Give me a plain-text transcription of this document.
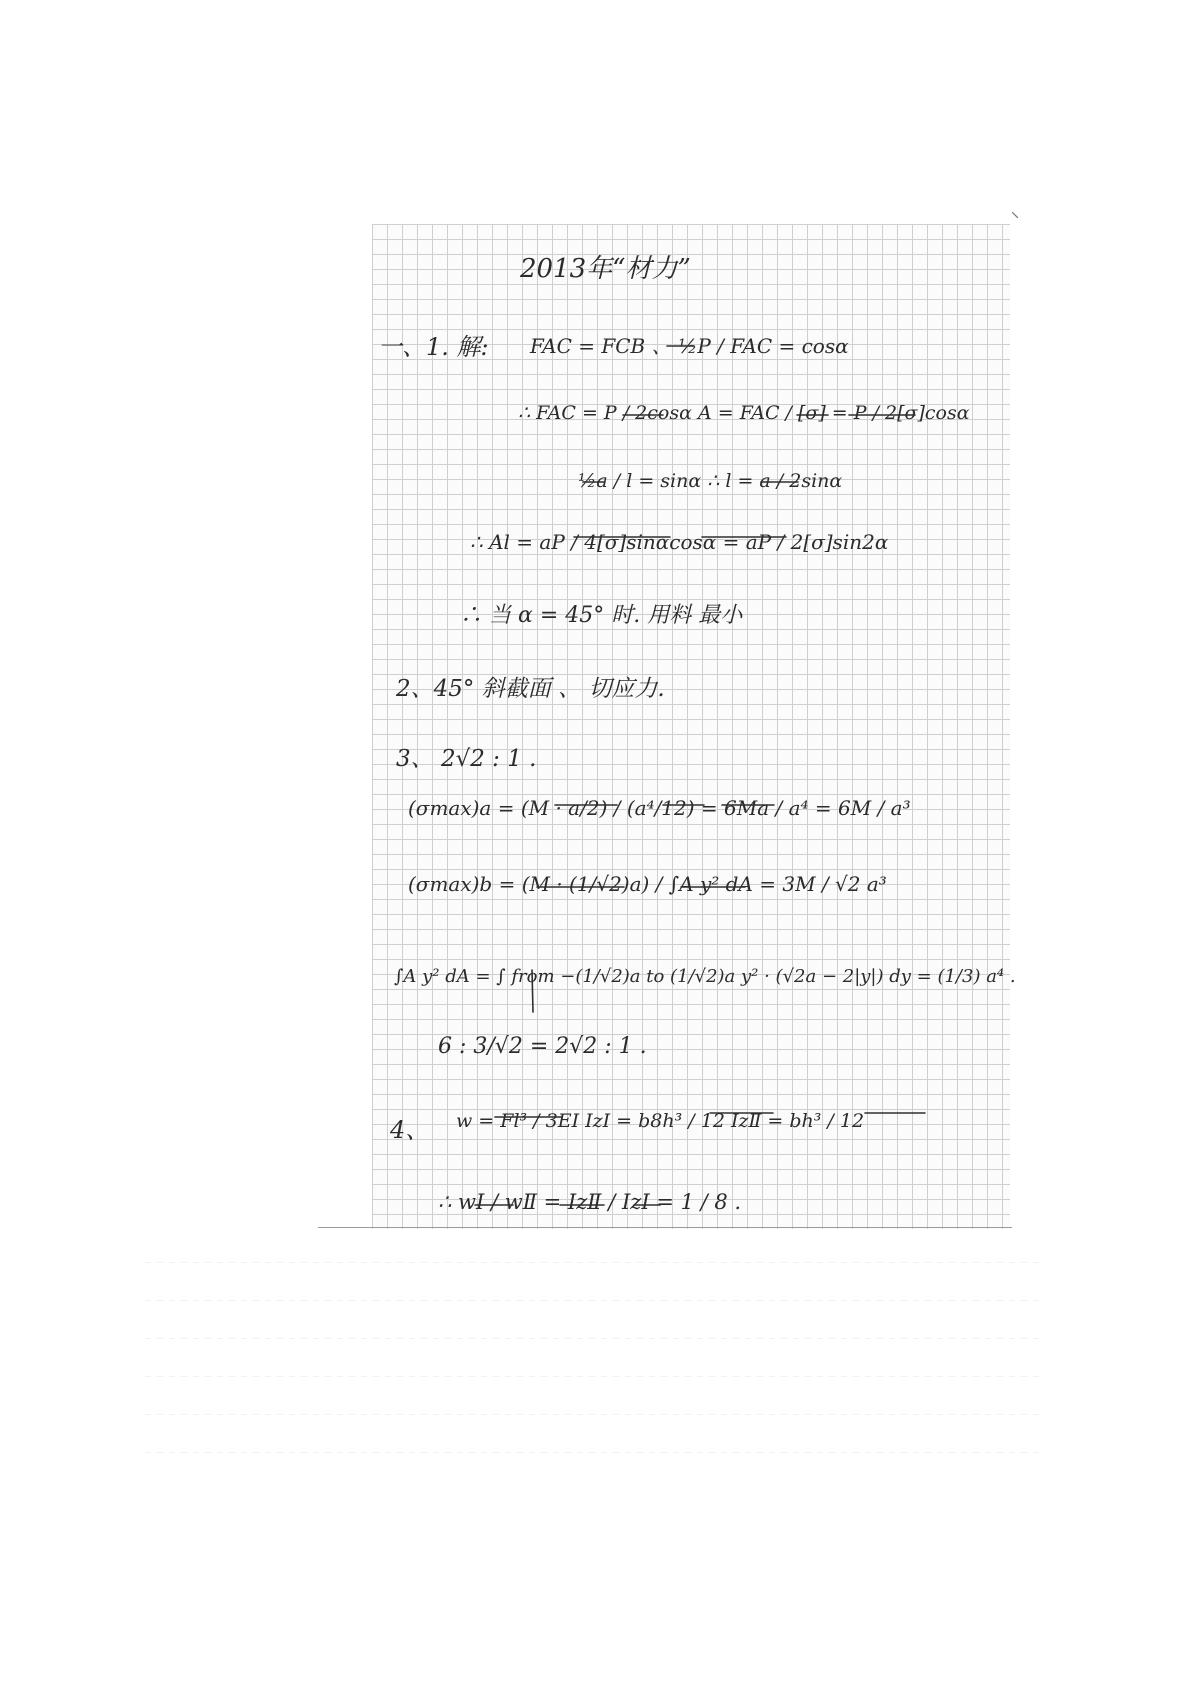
2013年“材力”
一、1. 解: FAC = FCB 、 ½P / FAC = cosα
∴ FAC = P / 2cosα A = FAC / [σ] = P / 2[σ]cosα
½a / l = sinα ∴ l = a / 2sinα
∴ Al = aP / 4[σ]sinαcosα = aP / 2[σ]sin2α
∴ 当 α = 45° 时. 用料 最小
2、45° 斜截面 、 切应力.
3、 2√2 : 1 .
(σmax)a = (M · a/2) / (a⁴/12) = 6Ma / a⁴ = 6M / a³
(σmax)b = (M · (1/√2)a) / ∫A y² dA = 3M / √2 a³
∫A y² dA = ∫ from −(1/√2)a to (1/√2)a y² · (√2a − 2|y|) dy = (1/3) a⁴ .
6 : 3/√2 = 2√2 : 1 .
4、 w = Fl³ / 3EI IzⅠ = b8h³ / 12 IzⅡ = bh³ / 12
∴ wⅠ / wⅡ = IzⅡ / IzⅠ = 1 / 8 .
